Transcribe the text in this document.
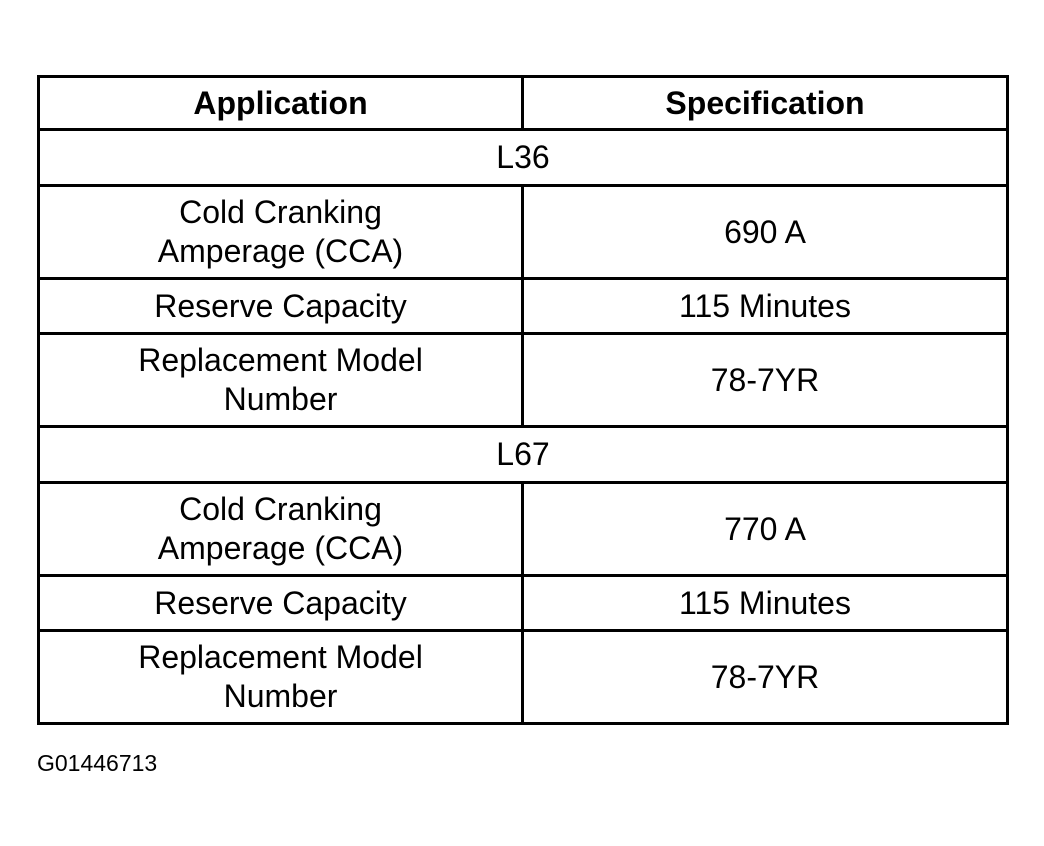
Application	Specification
L36	
Cold Cranking
Amperage (CCA)	690 A
Reserve Capacity	115 Minutes
Replacement Model
Number	78-7YR
L67	
Cold Cranking
Amperage (CCA)	770 A
Reserve Capacity	115 Minutes
Replacement Model
Number	78-7YR
G01446713
